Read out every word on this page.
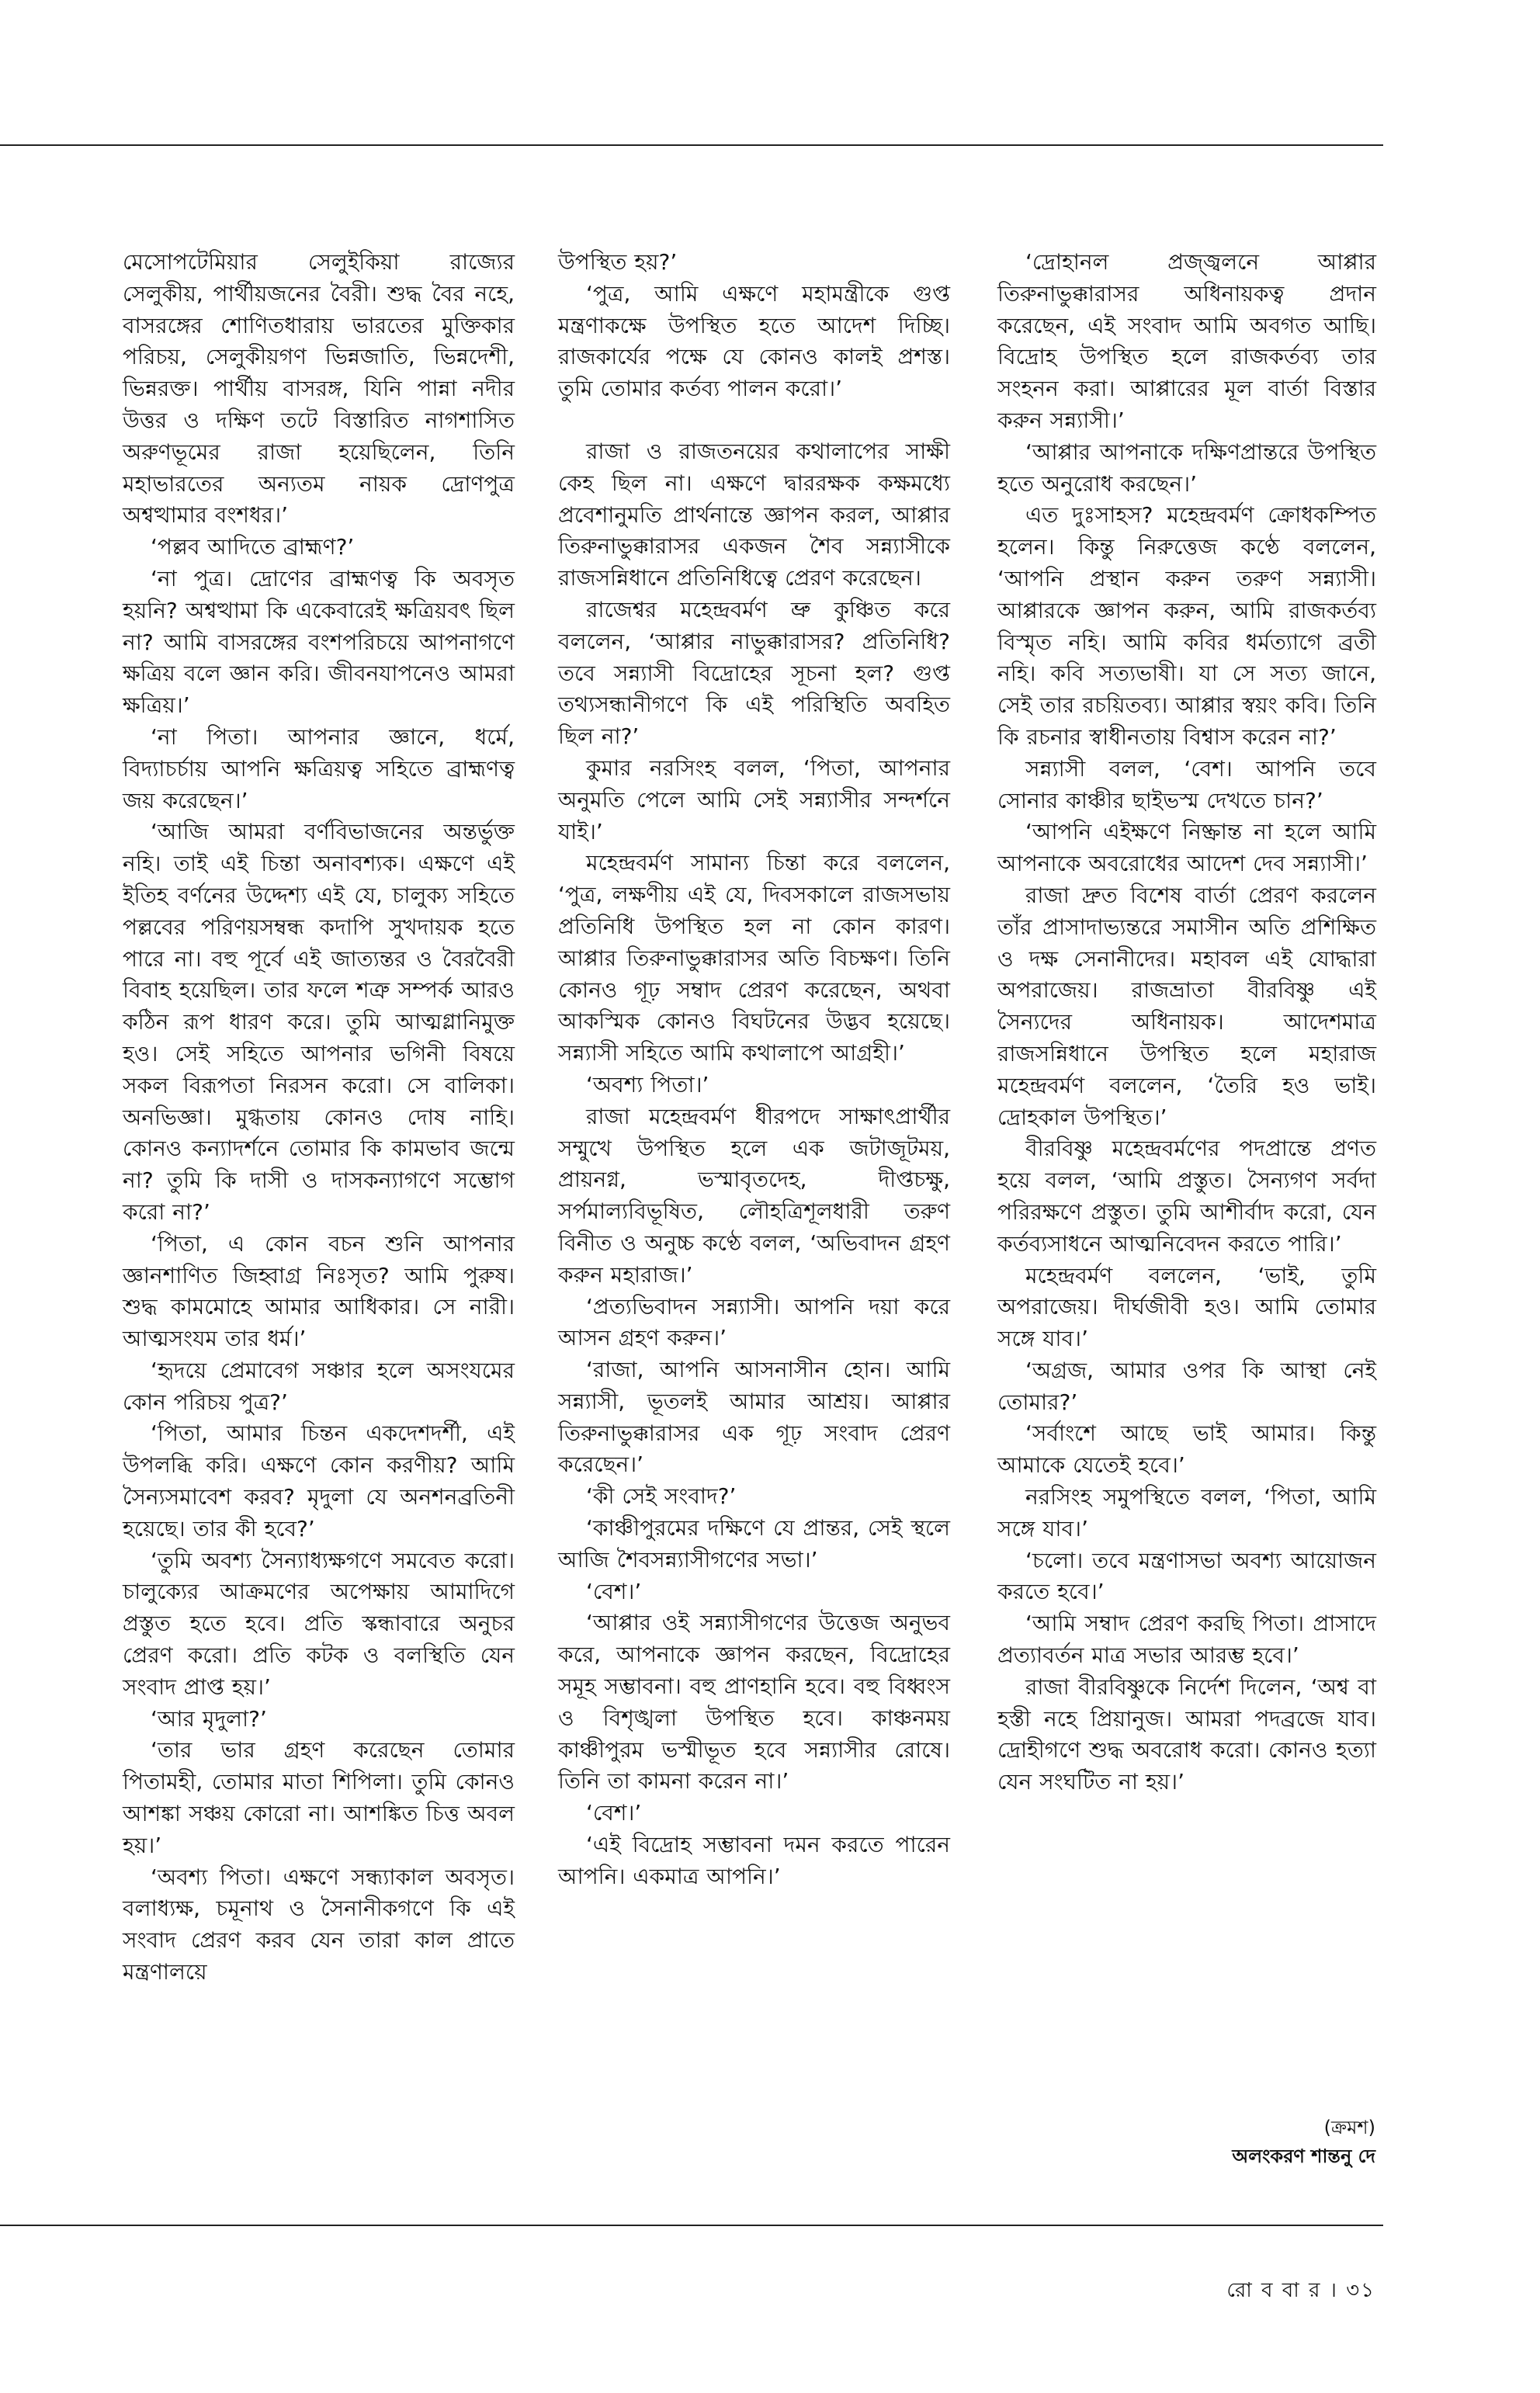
মেসোপটেমিয়ার সেলুইকিয়া রাজ্যের সেলুকীয়, পার্থীয়জনের বৈরী। শুদ্ধ বৈর নহে, বাসরঙ্গের শোণিতধারায় ভারতের মুক্তিকার পরিচয়, সেলুকীয়গণ ভিন্নজাতি, ভিন্নদেশী, ভিন্নরক্ত। পার্থীয় বাসরঙ্গ, যিনি পান্না নদীর উত্তর ও দক্ষিণ তটে বিস্তারিত নাগশাসিত অরুণভূমের রাজা হয়েছিলেন, তিনি মহাভারতের অন্যতম নায়ক দ্রোণপুত্র অশ্বত্থামার বংশধর।’

‘পল্লব আদিতে ব্রাহ্মণ?’

‘না পুত্র। দ্রোণের ব্রাহ্মণত্ব কি অবসৃত হয়নি? অশ্বত্থামা কি একেবারেই ক্ষত্রিয়বৎ ছিল না? আমি বাসরঙ্গের বংশপরিচয়ে আপনাগণে ক্ষত্রিয় বলে জ্ঞান করি। জীবনযাপনেও আমরা ক্ষত্রিয়।’

‘না পিতা। আপনার জ্ঞানে, ধর্মে, বিদ্যাচর্চায় আপনি ক্ষত্রিয়ত্ব সহিতে ব্রাহ্মণত্ব জয় করেছেন।’

‘আজি আমরা বর্ণবিভাজনের অন্তর্ভুক্ত নহি। তাই এই চিন্তা অনাবশ্যক। এক্ষণে এই ইতিহ বর্ণনের উদ্দেশ্য এই যে, চালুক্য সহিতে পল্লবের পরিণয়সম্বন্ধ কদাপি সুখদায়ক হতে পারে না। বহু পূর্বে এই জাত্যন্তর ও বৈরবৈরী বিবাহ হয়েছিল। তার ফলে শত্রু সম্পর্ক আরও কঠিন রূপ ধারণ করে। তুমি আত্মগ্লানিমুক্ত হও। সেই সহিতে আপনার ভগিনী বিষয়ে সকল বিরূপতা নিরসন করো। সে বালিকা। অনভিজ্ঞা। মুগ্ধতায় কোনও দোষ নাহি। কোনও কন্যাদর্শনে তোমার কি কামভাব জন্মে না? তুমি কি দাসী ও দাসকন্যাগণে সম্ভোগ করো না?’

‘পিতা, এ কোন বচন শুনি আপনার জ্ঞানশাণিত জিহ্বাগ্র নিঃসৃত? আমি পুরুষ। শুদ্ধ কামমোহে আমার আধিকার। সে নারী। আত্মসংযম তার ধর্ম।’

‘হৃদয়ে প্রেমাবেগ সঞ্চার হলে অসংযমের কোন পরিচয় পুত্র?’

‘পিতা, আমার চিন্তন একদেশদর্শী, এই উপলব্ধি করি। এক্ষণে কোন করণীয়? আমি সৈন্যসমাবেশ করব? মৃদুলা যে অনশনব্রতিনী হয়েছে। তার কী হবে?’

‘তুমি অবশ্য সৈন্যাধ্যক্ষগণে সমবেত করো। চালুক্যের আক্রমণের অপেক্ষায় আমাদিগে প্রস্তুত হতে হবে। প্রতি স্কন্ধাবারে অনুচর প্রেরণ করো। প্রতি কটক ও বলস্থিতি যেন সংবাদ প্রাপ্ত হয়।’

‘আর মৃদুলা?’

‘তার ভার গ্রহণ করেছেন তোমার পিতামহী, তোমার মাতা শিপিলা। তুমি কোনও আশঙ্কা সঞ্চয় কোরো না। আশঙ্কিত চিত্ত অবল হয়।’

‘অবশ্য পিতা। এক্ষণে সন্ধ্যাকাল অবসৃত। বলাধ্যক্ষ, চমূনাথ ও সৈনানীকগণে কি এই সংবাদ প্রেরণ করব যেন তারা কাল প্রাতে মন্ত্রণালয়ে

উপস্থিত হয়?’

‘পুত্র, আমি এক্ষণে মহামন্ত্রীকে গুপ্ত মন্ত্রণাকক্ষে উপস্থিত হতে আদেশ দিচ্ছি। রাজকার্যের পক্ষে যে কোনও কালই প্রশস্ত। তুমি তোমার কর্তব্য পালন করো।’

রাজা ও রাজতনয়ের কথালাপের সাক্ষী কেহ ছিল না। এক্ষণে দ্বাররক্ষক কক্ষমধ্যে প্রবেশানুমতি প্রার্থনান্তে জ্ঞাপন করল, আপ্পার তিরুনাভুক্কারাসর একজন শৈব সন্ন্যাসীকে রাজসন্নিধানে প্রতিনিধিত্বে প্রেরণ করেছেন।

রাজেশ্বর মহেন্দ্রবর্মণ ভ্রু কুঞ্চিত করে বললেন, ‘আপ্পার নাভুক্কারাসর? প্রতিনিধি? তবে সন্ন্যাসী বিদ্রোহের সূচনা হল? গুপ্ত তথ্যসন্ধানীগণে কি এই পরিস্থিতি অবহিত ছিল না?’

কুমার নরসিংহ বলল, ‘পিতা, আপনার অনুমতি পেলে আমি সেই সন্ন্যাসীর সন্দর্শনে যাই।’

মহেন্দ্রবর্মণ সামান্য চিন্তা করে বললেন, ‘পুত্র, লক্ষণীয় এই যে, দিবসকালে রাজসভায় প্রতিনিধি উপস্থিত হল না কোন কারণ। আপ্পার তিরুনাভুক্কারাসর অতি বিচক্ষণ। তিনি কোনও গূঢ় সম্বাদ প্রেরণ করেছেন, অথবা আকস্মিক কোনও বিঘটনের উদ্ভব হয়েছে। সন্ন্যাসী সহিতে আমি কথালাপে আগ্রহী।’

‘অবশ্য পিতা।’

রাজা মহেন্দ্রবর্মণ ধীরপদে সাক্ষাৎপ্রার্থীর সম্মুখে উপস্থিত হলে এক জটাজূটময়, প্রায়নগ্ন, ভস্মাবৃতদেহ, দীপ্তচক্ষু, সর্পমাল্যবিভূষিত, লৌহত্রিশূলধারী তরুণ বিনীত ও অনুচ্চ কণ্ঠে বলল, ‘অভিবাদন গ্রহণ করুন মহারাজ।’

‘প্রত্যভিবাদন সন্ন্যাসী। আপনি দয়া করে আসন গ্রহণ করুন।’

‘রাজা, আপনি আসনাসীন হোন। আমি সন্ন্যাসী, ভূতলই আমার আশ্রয়। আপ্পার তিরুনাভুক্কারাসর এক গূঢ় সংবাদ প্রেরণ করেছেন।’

‘কী সেই সংবাদ?’

‘কাঞ্চীপুরমের দক্ষিণে যে প্রান্তর, সেই স্থলে আজি শৈবসন্ন্যাসীগণের সভা।’

‘বেশ।’

‘আপ্পার ওই সন্ন্যাসীগণের উত্তেজ অনুভব করে, আপনাকে জ্ঞাপন করছেন, বিদ্রোহের সমূহ সম্ভাবনা। বহু প্রাণহানি হবে। বহু বিধ্বংস ও বিশৃঙ্খলা উপস্থিত হবে। কাঞ্চনময় কাঞ্চীপুরম ভস্মীভূত হবে সন্ন্যাসীর রোষে। তিনি তা কামনা করেন না।’

‘বেশ।’

‘এই বিদ্রোহ সম্ভাবনা দমন করতে পারেন আপনি। একমাত্র আপনি।’

‘দ্রোহানল প্রজ্জ্বলনে আপ্পার তিরুনাভুক্কারাসর অধিনায়কত্ব প্রদান করেছেন, এই সংবাদ আমি অবগত আছি। বিদ্রোহ উপস্থিত হলে রাজকর্তব্য তার সংহনন করা। আপ্পারের মূল বার্তা বিস্তার করুন সন্ন্যাসী।’

‘আপ্পার আপনাকে দক্ষিণপ্রান্তরে উপস্থিত হতে অনুরোধ করছেন।’

এত দুঃসাহস? মহেন্দ্রবর্মণ ক্রোধকম্পিত হলেন। কিন্তু নিরুত্তেজ কণ্ঠে বললেন, ‘আপনি প্রস্থান করুন তরুণ সন্ন্যাসী। আপ্পারকে জ্ঞাপন করুন, আমি রাজকর্তব্য বিস্মৃত নহি। আমি কবির ধর্মত্যাগে ব্রতী নহি। কবি সত্যভাষী। যা সে সত্য জানে, সেই তার রচয়িতব্য। আপ্পার স্বয়ং কবি। তিনি কি রচনার স্বাধীনতায় বিশ্বাস করেন না?’

সন্ন্যাসী বলল, ‘বেশ। আপনি তবে সোনার কাঞ্চীর ছাইভস্ম দেখতে চান?’

‘আপনি এইক্ষণে নিষ্ক্রান্ত না হলে আমি আপনাকে অবরোধের আদেশ দেব সন্ন্যাসী।’

রাজা দ্রুত বিশেষ বার্তা প্রেরণ করলেন তাঁর প্রাসাদাভ্যন্তরে সমাসীন অতি প্রশিক্ষিত ও দক্ষ সেনানীদের। মহাবল এই যোদ্ধারা অপরাজেয়। রাজভ্রাতা বীরবিষ্ণু এই সৈন্যদের অধিনায়ক। আদেশমাত্র রাজসন্নিধানে উপস্থিত হলে মহারাজ মহেন্দ্রবর্মণ বললেন, ‘তৈরি হও ভাই। দ্রোহকাল উপস্থিত।’

বীরবিষ্ণু মহেন্দ্রবর্মণের পদপ্রান্তে প্রণত হয়ে বলল, ‘আমি প্রস্তুত। সৈন্যগণ সর্বদা পরিরক্ষণে প্রস্তুত। তুমি আশীর্বাদ করো, যেন কর্তব্যসাধনে আত্মনিবেদন করতে পারি।’

মহেন্দ্রবর্মণ বললেন, ‘ভাই, তুমি অপরাজেয়। দীর্ঘজীবী হও। আমি তোমার সঙ্গে যাব।’

‘অগ্রজ, আমার ওপর কি আস্থা নেই তোমার?’

‘সর্বাংশে আছে ভাই আমার। কিন্তু আমাকে যেতেই হবে।’

নরসিংহ সমুপস্থিতে বলল, ‘পিতা, আমি সঙ্গে যাব।’

‘চলো। তবে মন্ত্রণাসভা অবশ্য আয়োজন করতে হবে।’

‘আমি সম্বাদ প্রেরণ করছি পিতা। প্রাসাদে প্রত্যাবর্তন মাত্র সভার আরম্ভ হবে।’

রাজা বীরবিষ্ণুকে নির্দেশ দিলেন, ‘অশ্ব বা হস্তী নহে প্রিয়ানুজ। আমরা পদব্রজে যাব। দ্রোহীগণে শুদ্ধ অবরোধ করো। কোনও হত্যা যেন সংঘটিত না হয়।’

(ক্রমশ)
অলংকরণ শান্তনু দে
রো ব বা র । ৩১
